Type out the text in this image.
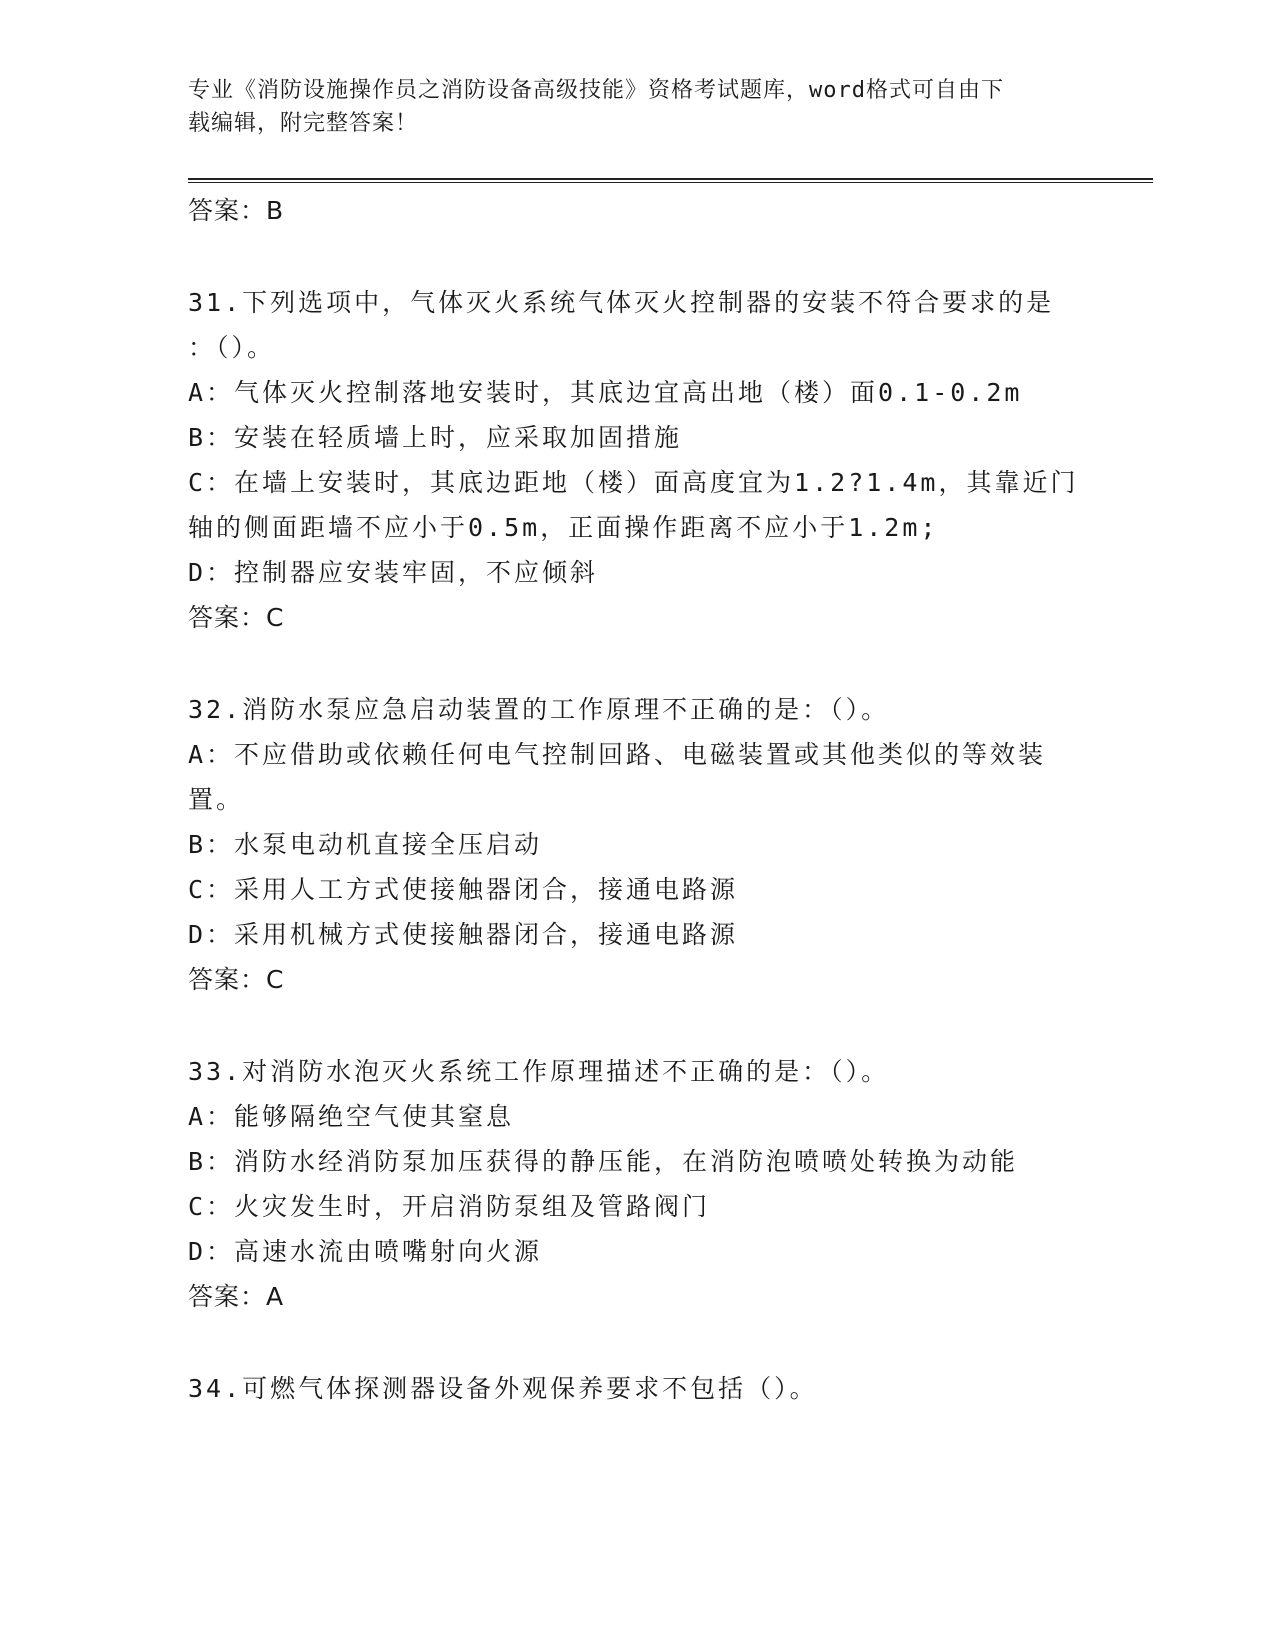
专业《消防设施操作员之消防设备高级技能》资格考试题库，word格式可自由下
载编辑，附完整答案！
答案：B
31.下列选项中，气体灭火系统气体灭火控制器的安装不符合要求的是
：（）。
A：气体灭火控制落地安装时，其底边宜高出地（楼）面0.1-0.2m
B：安装在轻质墙上时，应采取加固措施
C：在墙上安装时，其底边距地（楼）面高度宜为1.2?1.4m，其靠近门
轴的侧面距墙不应小于0.5m，正面操作距离不应小于1.2m;
D：控制器应安装牢固，不应倾斜
答案：C
32.消防水泵应急启动装置的工作原理不正确的是：（）。
A：不应借助或依赖任何电气控制回路、电磁装置或其他类似的等效装
置。
B：水泵电动机直接全压启动
C：采用人工方式使接触器闭合，接通电路源
D：采用机械方式使接触器闭合，接通电路源
答案：C
33.对消防水泡灭火系统工作原理描述不正确的是：（）。
A：能够隔绝空气使其窒息
B：消防水经消防泵加压获得的静压能，在消防泡喷喷处转换为动能
C：火灾发生时，开启消防泵组及管路阀门
D：高速水流由喷嘴射向火源
答案：A
34.可燃气体探测器设备外观保养要求不包括（）。
